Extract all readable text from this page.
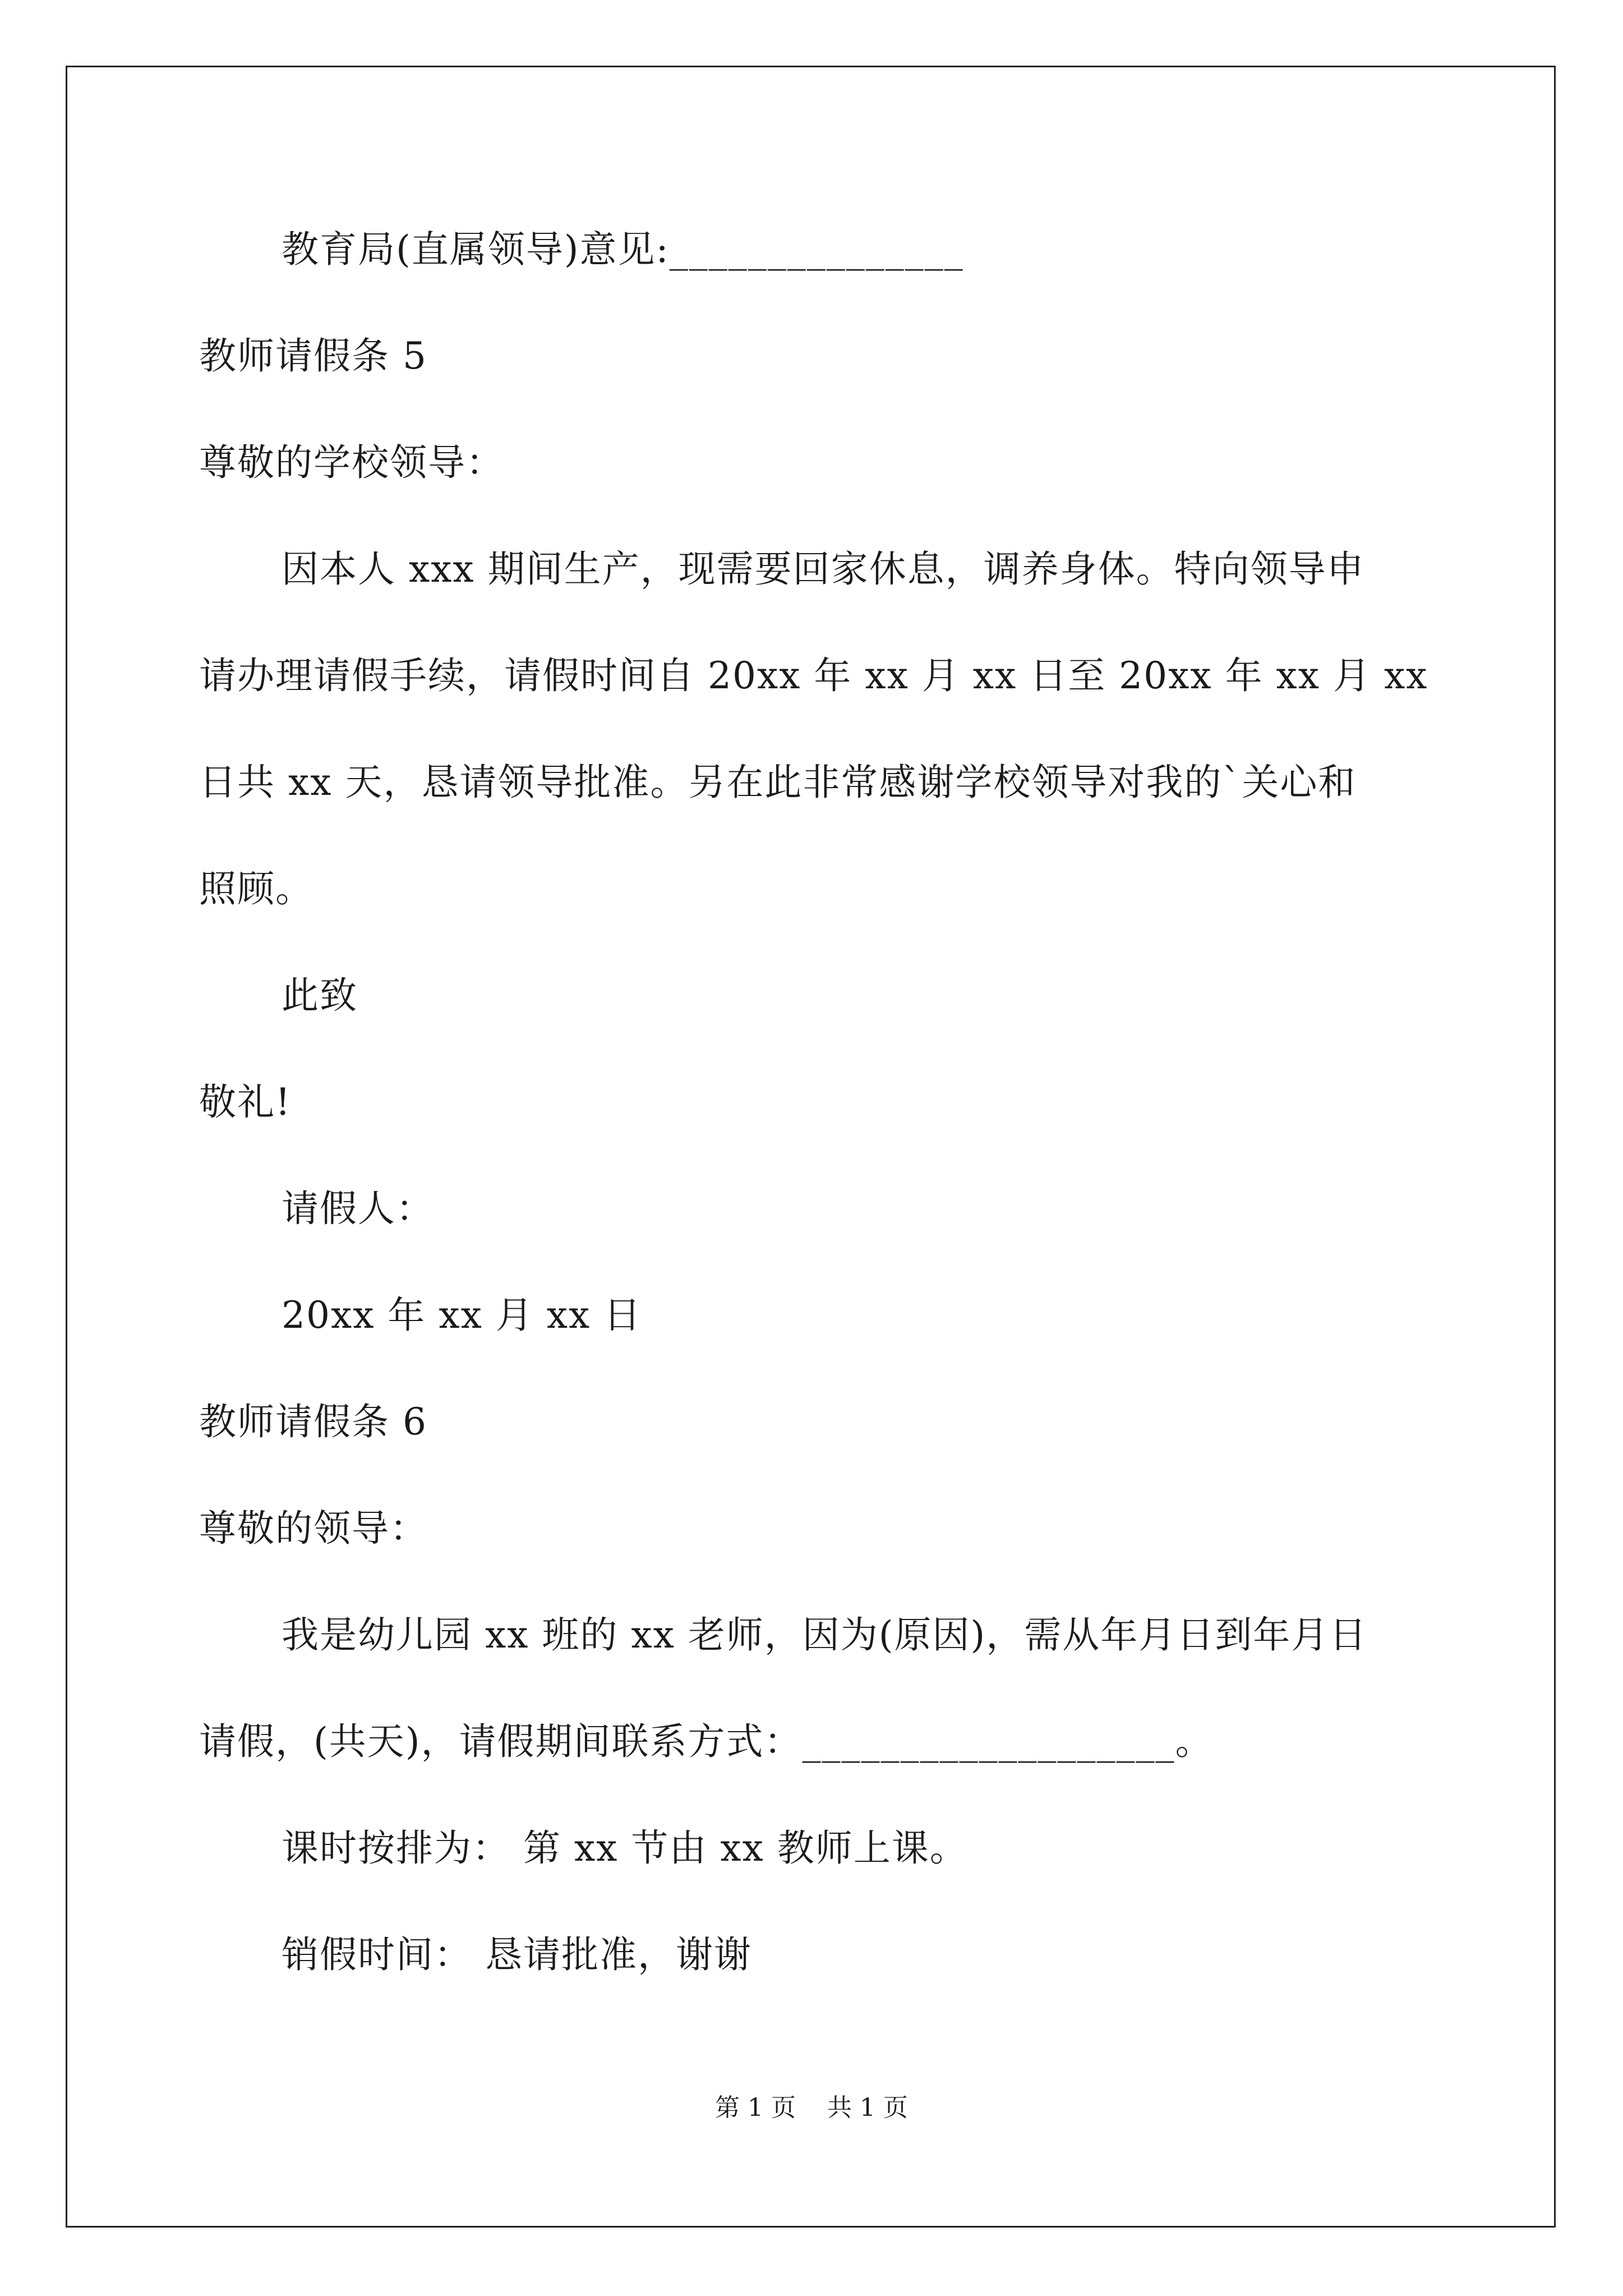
教育局(直属领导)意见:_______________
教师请假条 5
尊敬的学校领导：
因本人 xxx 期间生产，现需要回家休息，调养身体。特向领导申
请办理请假手续，请假时间自 20xx 年 xx 月 xx 日至 20xx 年 xx 月 xx
日共 xx 天，恳请领导批准。另在此非常感谢学校领导对我的`关心和
照顾。
此致
敬礼!
请假人：
20xx 年 xx 月 xx 日
教师请假条 6
尊敬的领导：
我是幼儿园 xx 班的 xx 老师，因为(原因)，需从年月日到年月日
请假，(共天)，请假期间联系方式：___________________。
课时按排为： 第 xx 节由 xx 教师上课。
销假时间： 恳请批准，谢谢
第 1 页    共 1 页
